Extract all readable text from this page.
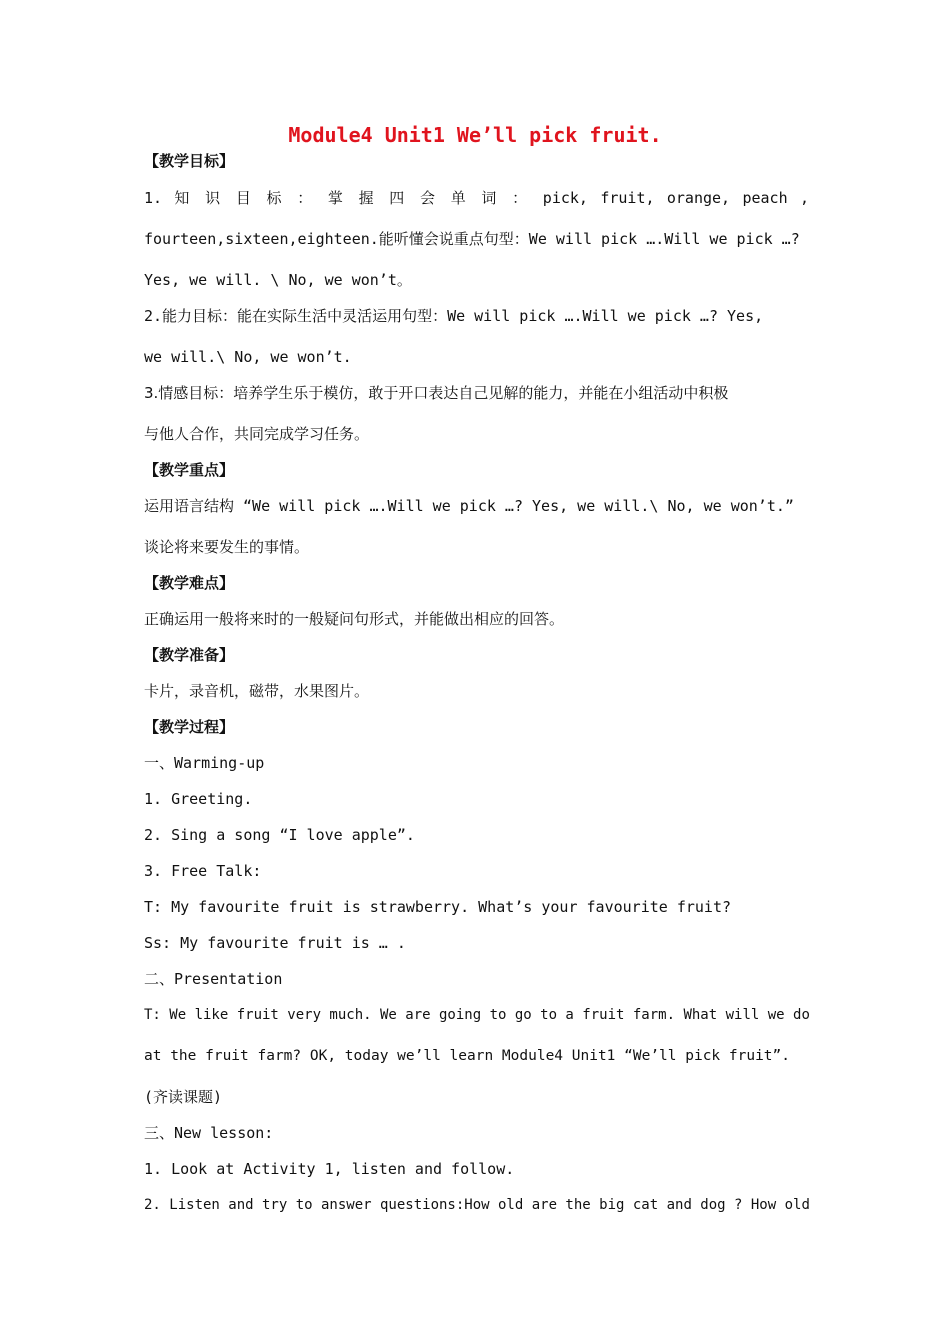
Module4 Unit1 We’ll pick fruit.
【教学目标】
1. 知 识 目 标 ： 掌 握 四 会 单 词 ： pick, fruit, orange, peach ,
fourteen,sixteen,eighteen.能听懂会说重点句型：We will pick ….Will we pick …?
Yes, we will. \ No, we won’t。
2.能力目标：能在实际生活中灵活运用句型：We will pick ….Will we pick …? Yes,
we will.\ No, we won’t.
3.情感目标：培养学生乐于模仿，敢于开口表达自己见解的能力，并能在小组活动中积极
与他人合作，共同完成学习任务。
【教学重点】
运用语言结构 “We will pick ….Will we pick …? Yes, we will.\ No, we won’t.”
谈论将来要发生的事情。
【教学难点】
正确运用一般将来时的一般疑问句形式，并能做出相应的回答。
【教学准备】
卡片，录音机，磁带，水果图片。
【教学过程】
一、Warming-up
1. Greeting.
2. Sing a song “I love apple”.
3. Free Talk:
T: My favourite fruit is strawberry. What’s your favourite fruit?
Ss: My favourite fruit is … .
二、Presentation
T: We like fruit very much. We are going to go to a fruit farm. What will we do
at the fruit farm? OK, today we’ll learn Module4 Unit1 “We’ll pick fruit”.
(齐读课题)
三、New lesson:
1. Look at Activity 1, listen and follow.
2. Listen and try to answer questions:How old are the big cat and dog ? How old
